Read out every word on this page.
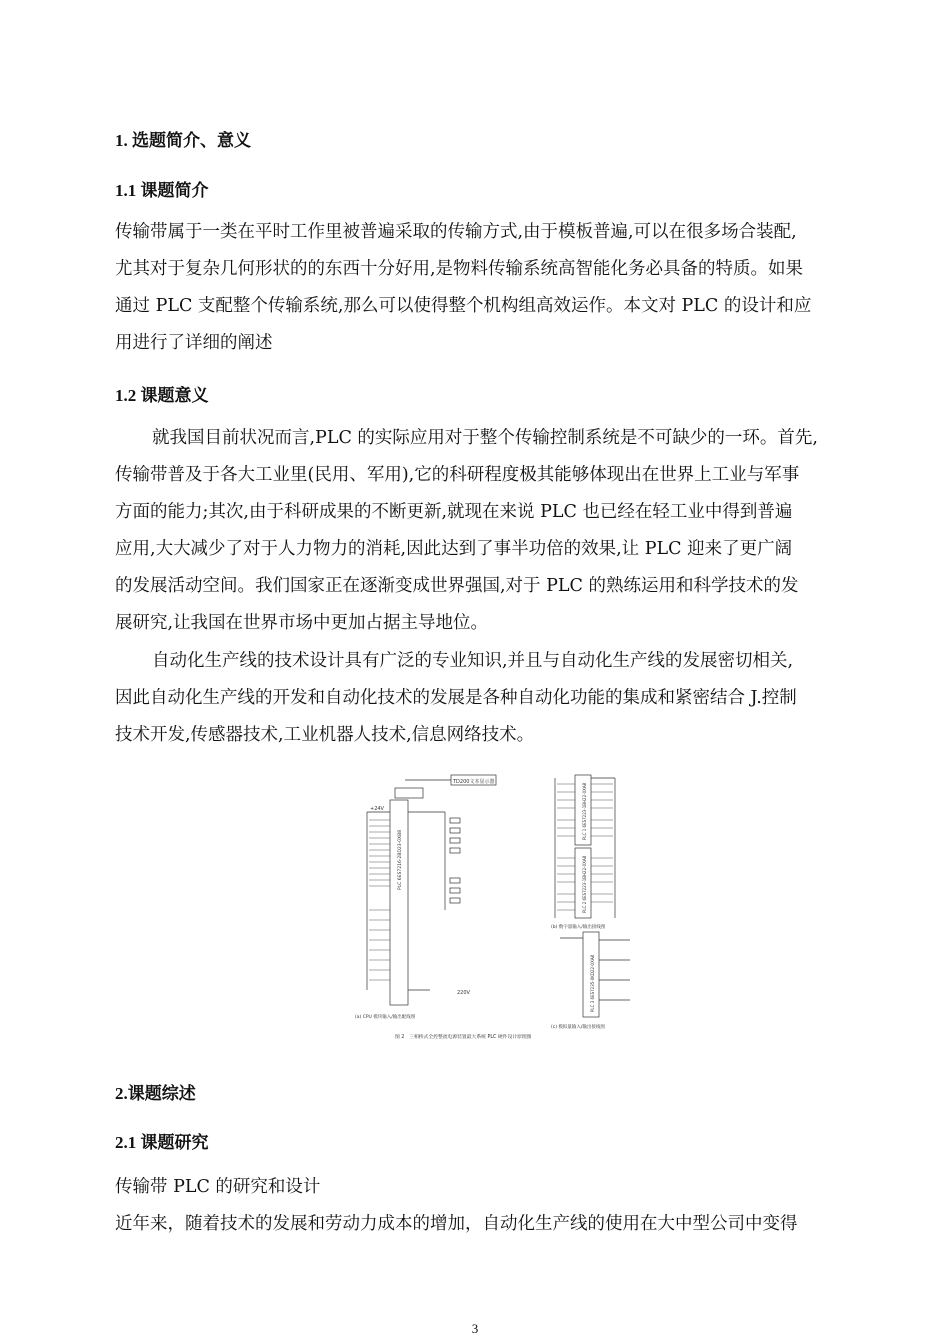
1. 选题简介、意义
1.1 课题简介
传输带属于一类在平时工作里被普遍采取的传输方式,由于模板普遍,可以在很多场合装配,
尤其对于复杂几何形状的的东西十分好用,是物料传输系统高智能化务必具备的特质。如果
通过 PLC 支配整个传输系统,那么可以使得整个机构组高效运作。本文对 PLC 的设计和应
用进行了详细的阐述
1.2 课题意义
就我国目前状况而言,PLC 的实际应用对于整个传输控制系统是不可缺少的一环。首先,
传输带普及于各大工业里(民用、军用),它的科研程度极其能够体现出在世界上工业与军事
方面的能力;其次,由于科研成果的不断更新,就现在来说 PLC 也已经在轻工业中得到普遍
应用,大大减少了对于人力物力的消耗,因此达到了事半功倍的效果,让 PLC 迎来了更广阔
的发展活动空间。我们国家正在逐渐变成世界强国,对于 PLC 的熟练运用和科学技术的发
展研究,让我国在世界市场中更加占据主导地位。
自动化生产线的技术设计具有广泛的专业知识,并且与自动化生产线的发展密切相关,
因此自动化生产线的开发和自动化技术的发展是各种自动化功能的集成和紧密结合 J.控制
技术开发,传感器技术,工业机器人技术,信息网络技术。
TD200文本显示器
+24V
220V
(a) CPU 模块输入/输出配线图
(b) 数字量输入/输出接线图
(c) 模拟量输入/输出接线图
图 2　三相桥式全控整流电源装置最大系统 PLC 硬件设计原理图
PLC 6ES7216-2BD23-0XB8
PLC 1 6ES7223-1BH22-0XA8
PLC 2 6ES7223-1BH22-0XA8
PLC 3 6ES7235-0KD22-0XA8
2.课题综述
2.1 课题研究
传输带 PLC 的研究和设计
近年来，随着技术的发展和劳动力成本的增加，自动化生产线的使用在大中型公司中变得
3
